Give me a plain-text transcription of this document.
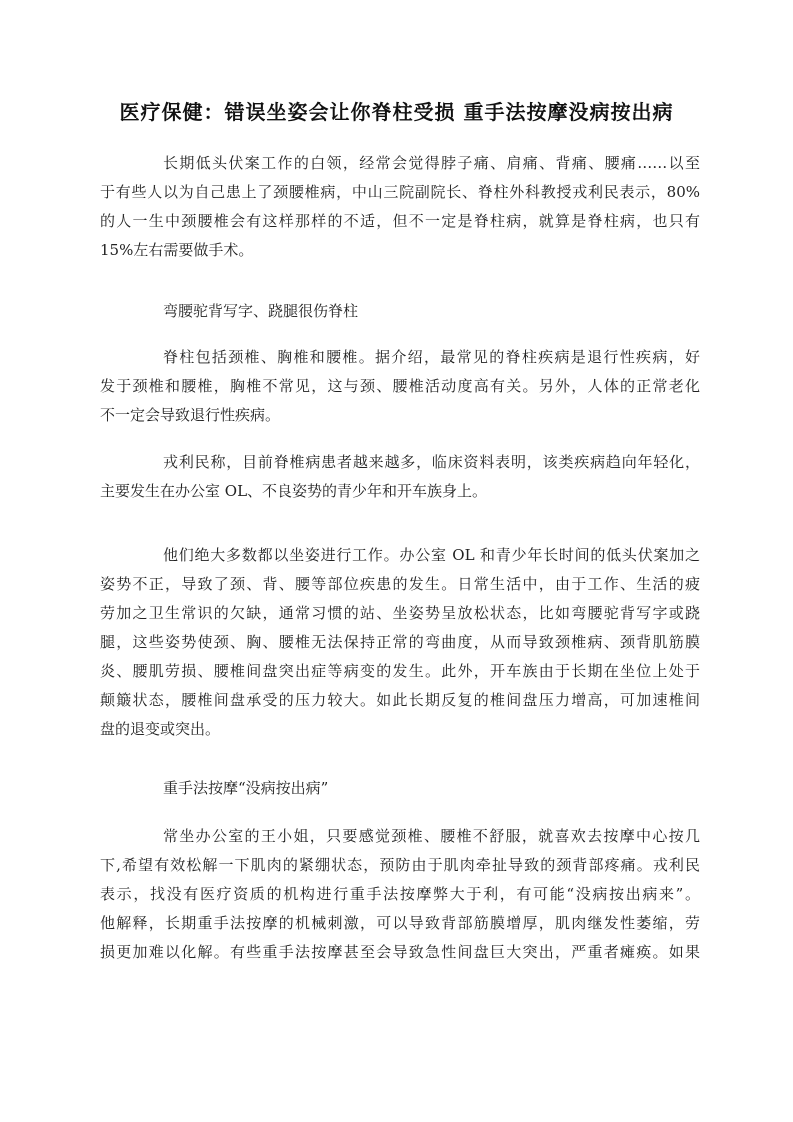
医疗保健：错误坐姿会让你脊柱受损 重手法按摩没病按出病
长期低头伏案工作的白领，经常会觉得脖子痛、肩痛、背痛、腰痛……以至
于有些人以为自己患上了颈腰椎病，中山三院副院长、脊柱外科教授戎利民表示，80%
的人一生中颈腰椎会有这样那样的不适，但不一定是脊柱病，就算是脊柱病，也只有
15%左右需要做手术。
弯腰驼背写字、跷腿很伤脊柱
脊柱包括颈椎、胸椎和腰椎。据介绍，最常见的脊柱疾病是退行性疾病，好
发于颈椎和腰椎，胸椎不常见，这与颈、腰椎活动度高有关。另外，人体的正常老化
不一定会导致退行性疾病。
戎利民称，目前脊椎病患者越来越多，临床资料表明，该类疾病趋向年轻化，
主要发生在办公室 OL、不良姿势的青少年和开车族身上。
他们绝大多数都以坐姿进行工作。办公室 OL 和青少年长时间的低头伏案加之
姿势不正，导致了颈、背、腰等部位疾患的发生。日常生活中，由于工作、生活的疲
劳加之卫生常识的欠缺，通常习惯的站、坐姿势呈放松状态，比如弯腰驼背写字或跷
腿，这些姿势使颈、胸、腰椎无法保持正常的弯曲度，从而导致颈椎病、颈背肌筋膜
炎、腰肌劳损、腰椎间盘突出症等病变的发生。此外，开车族由于长期在坐位上处于
颠簸状态，腰椎间盘承受的压力较大。如此长期反复的椎间盘压力增高，可加速椎间
盘的退变或突出。
重手法按摩“没病按出病”
常坐办公室的王小姐，只要感觉颈椎、腰椎不舒服，就喜欢去按摩中心按几
下,希望有效松解一下肌肉的紧绷状态，预防由于肌肉牵扯导致的颈背部疼痛。戎利民
表示，找没有医疗资质的机构进行重手法按摩弊大于利，有可能“没病按出病来”。
他解释，长期重手法按摩的机械刺激，可以导致背部筋膜增厚，肌肉继发性萎缩，劳
损更加难以化解。有些重手法按摩甚至会导致急性间盘巨大突出，严重者瘫痪。如果
